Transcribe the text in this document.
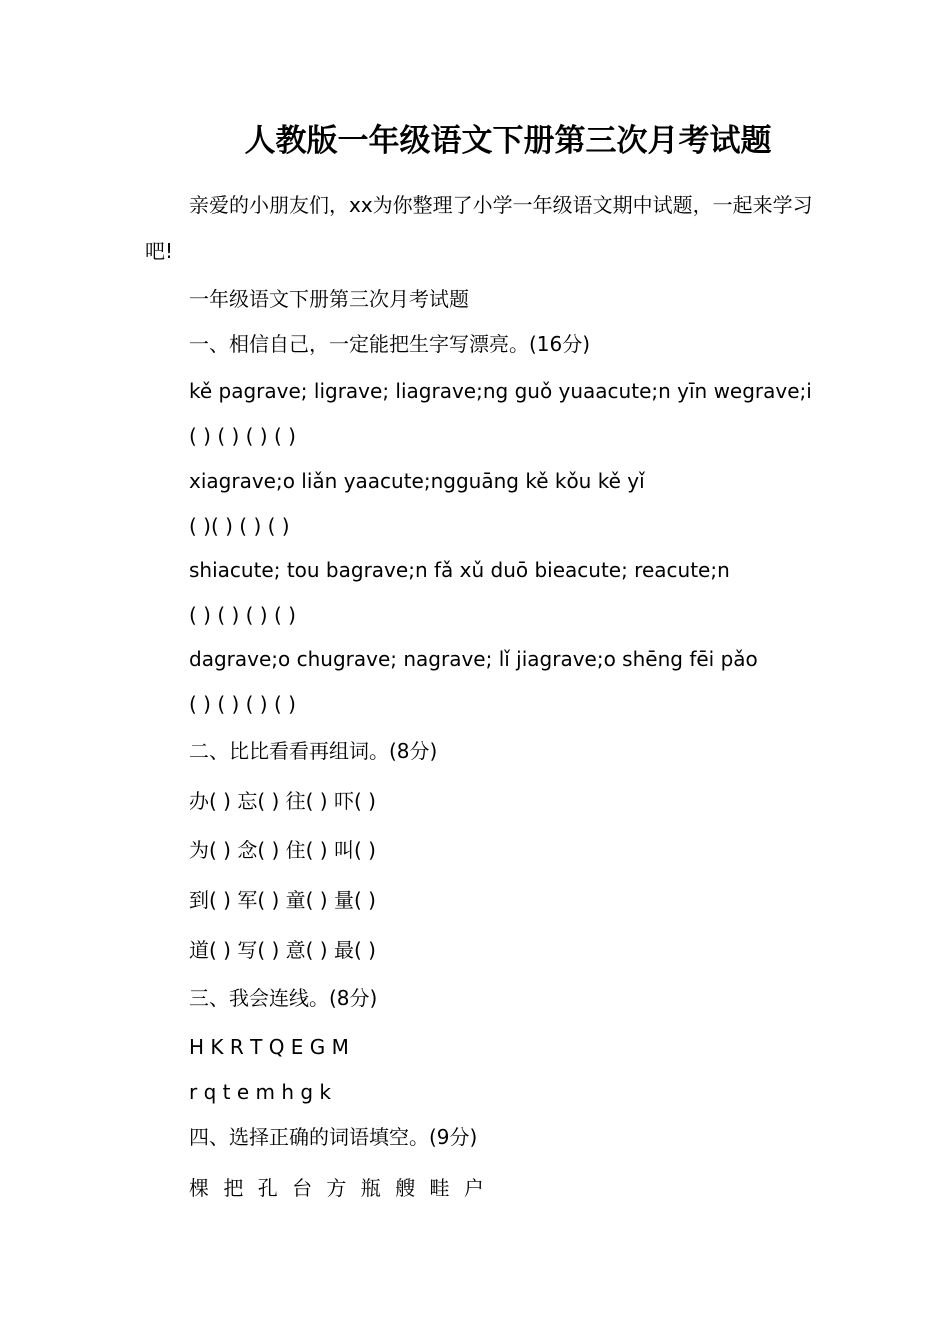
人教版一年级语文下册第三次月考试题

亲爱的小朋友们，xx为你整理了小学一年级语文期中试题，一起来学习吧!

一年级语文下册第三次月考试题

一、相信自己，一定能把生字写漂亮。(16分)

kě pagrave; ligrave; liagrave;ng guǒ yuaacute;n yīn wegrave;i

( ) ( ) ( ) ( )

xiagrave;o liǎn yaacute;ngguāng kě kǒu kě yǐ

( )( ) ( ) ( )

shiacute; tou bagrave;n fǎ xǔ duō bieacute; reacute;n

( ) ( ) ( ) ( )

dagrave;o chugrave; nagrave; lǐ jiagrave;o shēng fēi pǎo

( ) ( ) ( ) ( )

二、比比看看再组词。(8分)

办( ) 忘( ) 往( ) 吓( )

为( ) 念( ) 住( ) 叫( )

到( ) 军( ) 童( ) 量( )

道( ) 写( ) 意( ) 最( )

三、我会连线。(8分)

H K R T Q E G M

r q t e m h g k

四、选择正确的词语填空。(9分)

棵 把 孔 台 方 瓶 艘 畦 户
